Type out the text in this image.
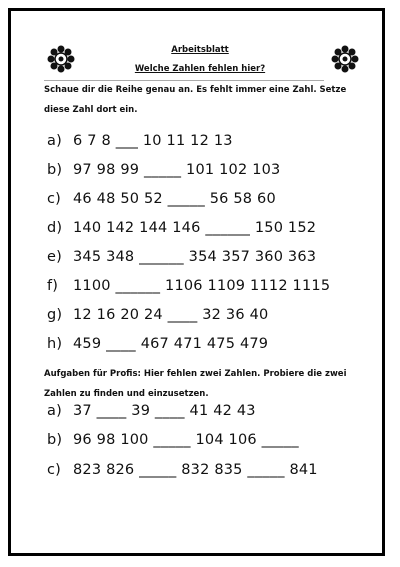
Arbeitsblatt
Welche Zahlen fehlen hier?
Schaue dir die Reihe genau an. Es fehlt immer eine Zahl. Setze diese Zahl dort ein.
a) 6 7 8 ___ 10 11 12 13
b) 97 98 99 _____ 101 102 103
c) 46 48 50 52 _____ 56 58 60
d) 140 142 144 146 ______ 150 152
e) 345 348 ______ 354 357 360 363
f) 1100 ______ 1106 1109 1112 1115
g) 12 16 20 24 ____ 32 36 40
h) 459 ____ 467 471 475 479
Aufgaben für Profis: Hier fehlen zwei Zahlen. Probiere die zwei Zahlen zu finden und einzusetzen.
a) 37 ____ 39 ____ 41 42 43
b) 96 98 100 _____ 104 106 _____
c) 823 826 _____ 832 835 _____ 841
